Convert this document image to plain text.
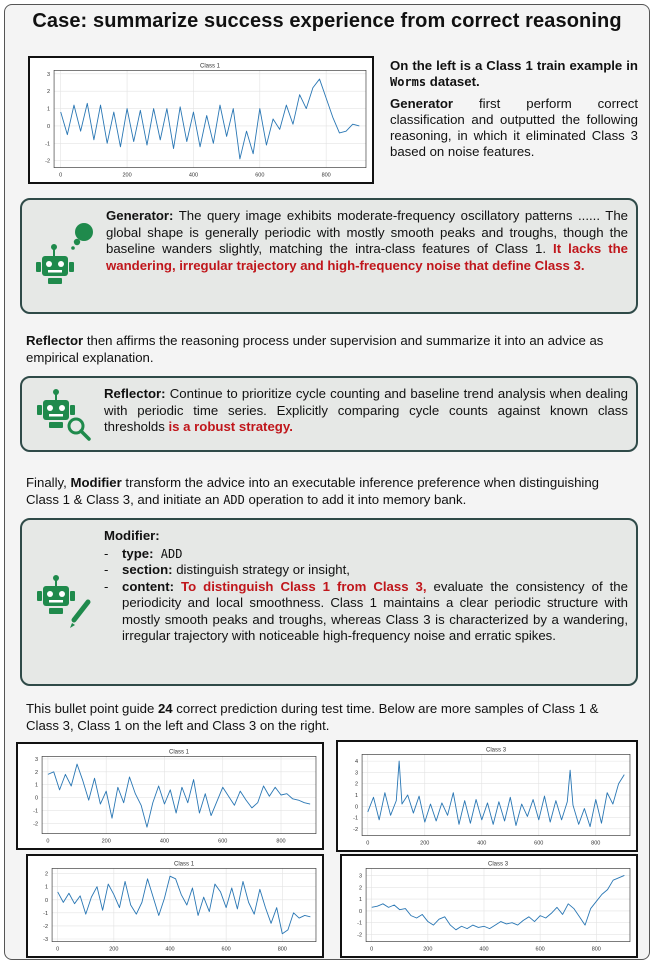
Case: summarize success experience from correct reasoning
Class 1
0	200	400	600	800
3
2
1
0
-1
-2

On the left is a Class 1 train example in Worms dataset.

Generator first perform correct classification and outputted the following reasoning, in which it eliminated Class 3 based on noise features.

Generator: The query image exhibits moderate-frequency oscillatory patterns ...... The global shape is generally periodic with mostly smooth peaks and troughs, though the baseline wanders slightly, matching the intra-class features of Class 1. It lacks the wandering, irregular trajectory and high-frequency noise that define Class 3.
Reflector then affirms the reasoning process under supervision and summarize it into an advice as empirical explanation.
Reflector: Continue to prioritize cycle counting and baseline trend analysis when dealing with periodic time series. Explicitly comparing cycle counts against known class thresholds is a robust strategy.
Finally, Modifier transform the advice into an executable inference preference when distinguishing Class 1 & Class 3, and initiate an ADD operation to add it into memory bank.
Modifier:
- type: ADD
- section: distinguish strategy or insight,
- content: To distinguish Class 1 from Class 3, evaluate the consistency of the periodicity and local smoothness. Class 1 maintains a clear periodic structure with mostly smooth peaks and troughs, whereas Class 3 is characterized by a wandering, irregular trajectory with noticeable high-frequency noise and erratic spikes.
This bullet point guide 24 correct prediction during test time. Below are more samples of Class 1 & Class 3, Class 1 on the left and Class 3 on the right.
Class 1
0	200	400	600	800
3
2
1
0
-1
-2
Class 3
0	200	400	600	800
4
3
2
1
0
-1
-2
Class 1
0	200	400	600	800
2
1
0
-1
-2
-3
Class 3
0	200	400	600	800
3
2
1
0
-1
-2
